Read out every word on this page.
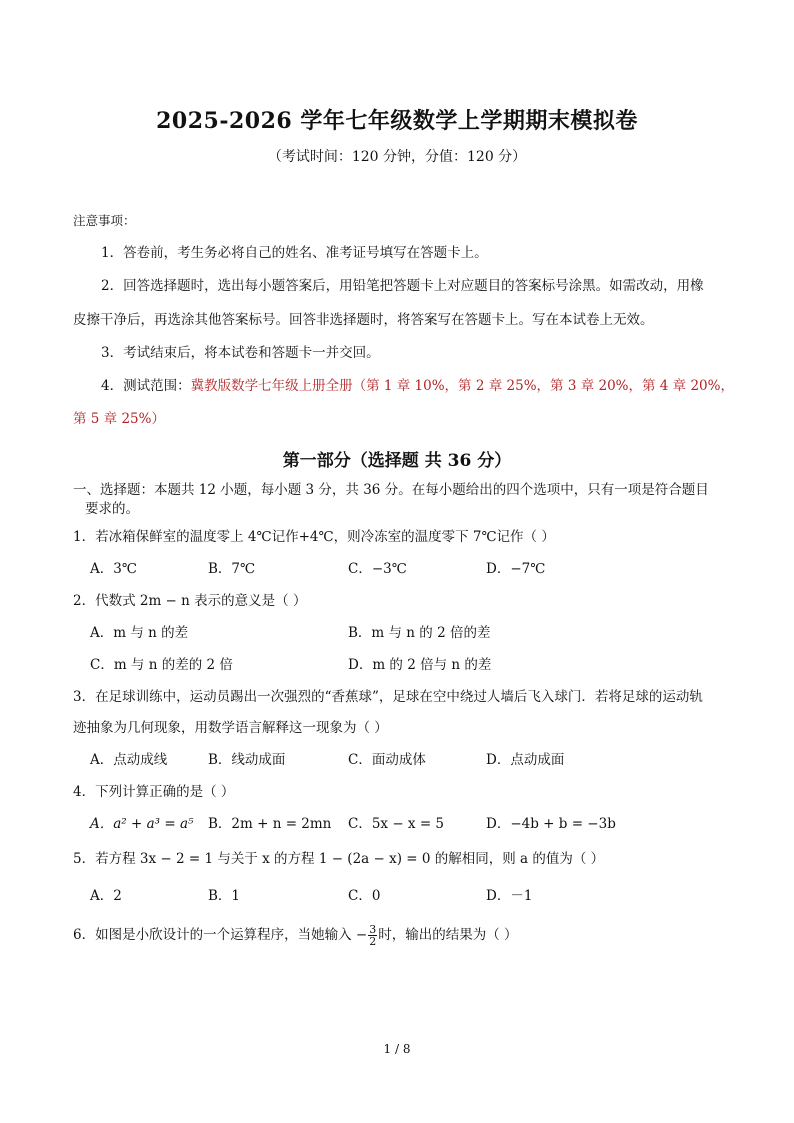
2025-2026 学年七年级数学上学期期末模拟卷
（考试时间：120 分钟，分值：120 分）
注意事项：
1．答卷前，考生务必将自己的姓名、准考证号填写在答题卡上。
2．回答选择题时，选出每小题答案后，用铅笔把答题卡上对应题目的答案标号涂黑。如需改动，用橡
皮擦干净后，再选涂其他答案标号。回答非选择题时，将答案写在答题卡上。写在本试卷上无效。
3．考试结束后，将本试卷和答题卡一并交回。
4．测试范围：冀教版数学七年级上册全册（第 1 章 10%，第 2 章 25%，第 3 章 20%，第 4 章 20%，
第 5 章 25%）
第一部分（选择题 共 36 分）
一、选择题：本题共 12 小题，每小题 3 分，共 36 分。在每小题给出的四个选项中，只有一项是符合题目
要求的。
1．若冰箱保鲜室的温度零上 4℃记作+4℃，则冷冻室的温度零下 7℃记作（ ）
A．3℃	B．7℃	C．−3℃	D．−7℃
2．代数式 2m − n 表示的意义是（ ）
A．m 与 n 的差	B．m 与 n 的 2 倍的差
C．m 与 n 的差的 2 倍	D．m 的 2 倍与 n 的差
3．在足球训练中，运动员踢出一次强烈的“香蕉球”，足球在空中绕过人墙后飞入球门．若将足球的运动轨
迹抽象为几何现象，用数学语言解释这一现象为（ ）
A．点动成线	B．线动成面	C．面动成体	D．点动成面
4．下列计算正确的是（ ）
A．a² + a³ = a⁵ B．2m + n = 2mn C．5x − x = 5	D．−4b + b = −3b
5．若方程 3x − 2 = 1 与关于 x 的方程 1 − (2a − x) = 0 的解相同，则 a 的值为（ ）
A．2	B．1	C．0	D．－1
6．如图是小欣设计的一个运算程序，当她输入 − $\frac{3}{2}$ 时，输出的结果为（ ）
1 / 8
